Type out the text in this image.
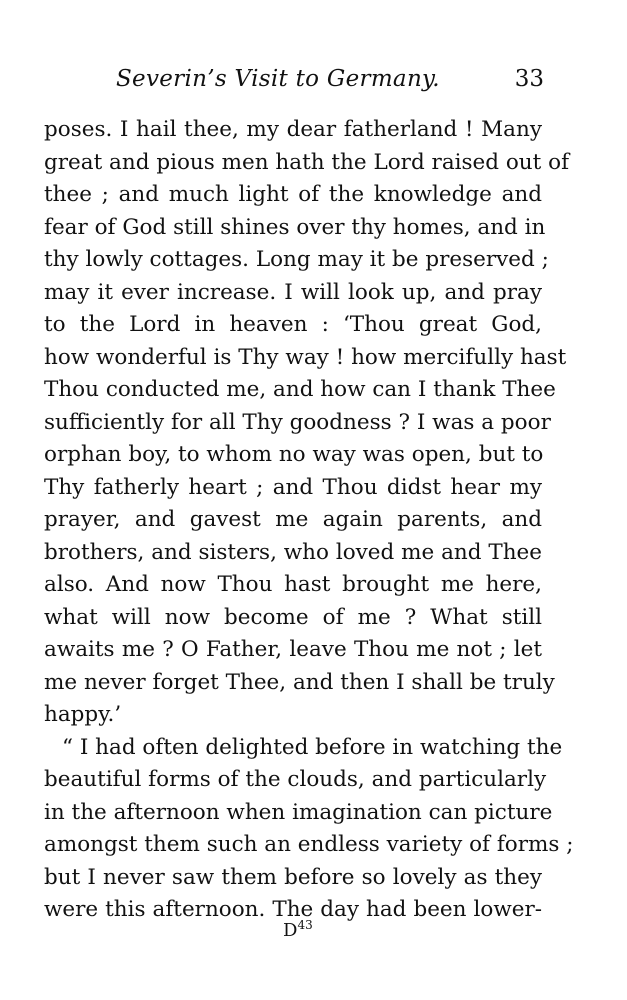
Severin’s Visit to Germany.	33
poses. I hail thee, my dear fatherland ! Many
great and pious men hath the Lord raised out of
thee ; and much light of the knowledge and
fear of God still shines over thy homes, and in
thy lowly cottages. Long may it be preserved ;
may it ever increase. I will look up, and pray
to the Lord in heaven : ‘Thou great God,
how wonderful is Thy way ! how mercifully hast
Thou conducted me, and how can I thank Thee
sufficiently for all Thy goodness ? I was a poor
orphan boy, to whom no way was open, but to
Thy fatherly heart ; and Thou didst hear my
prayer, and gavest me again parents, and
brothers, and sisters, who loved me and Thee
also. And now Thou hast brought me here,
what will now become of me ? What still
awaits me ? O Father, leave Thou me not ; let
me never forget Thee, and then I shall be truly
happy.’
“ I had often delighted before in watching the
beautiful forms of the clouds, and particularly
in the afternoon when imagination can picture
amongst them such an endless variety of forms ;
but I never saw them before so lovely as they
were this afternoon. The day had been lower-
$D^{43}$
